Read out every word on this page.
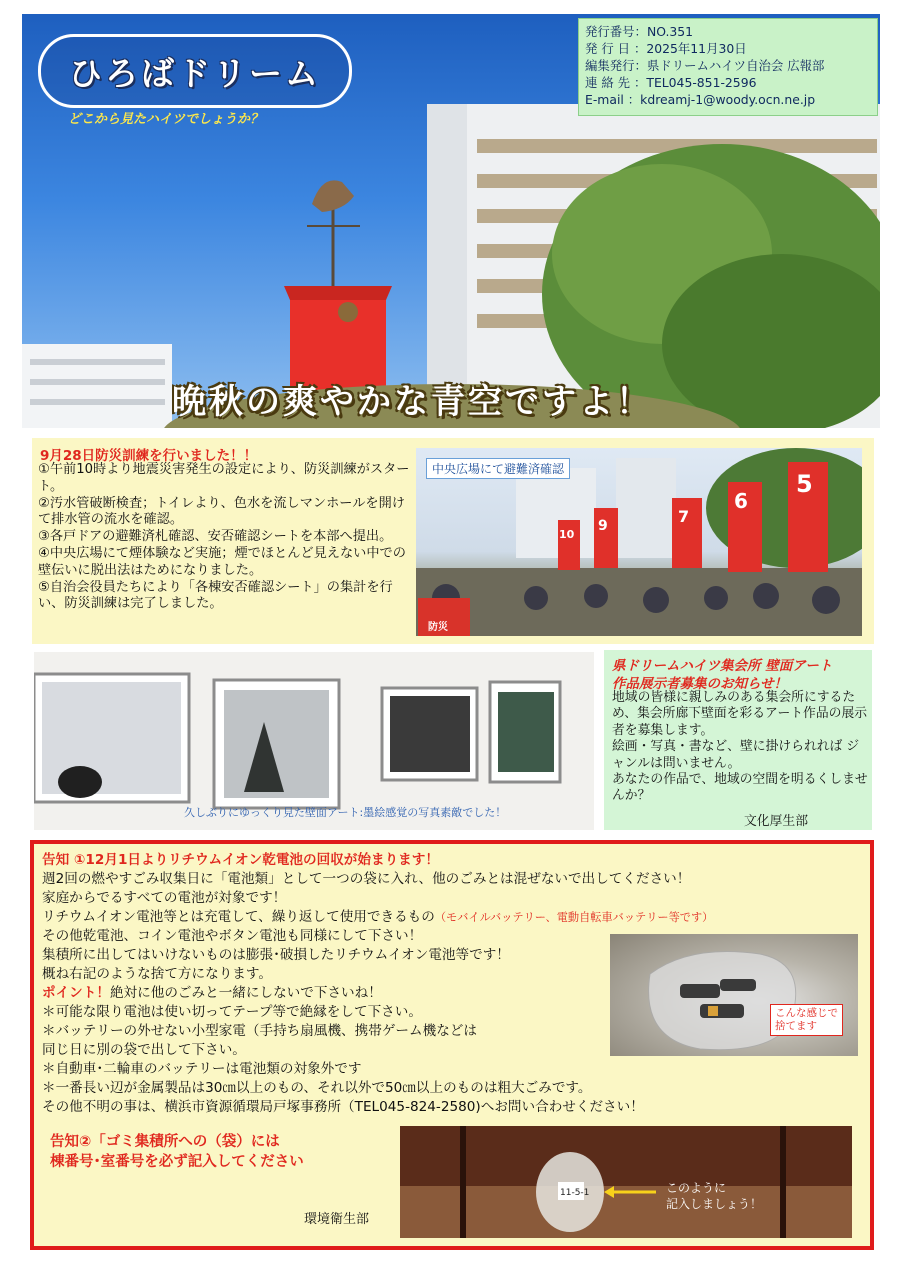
ひろばドリーム
どこから見たハイツでしょうか？
発行番号：NO.351
発 行 日 ：2025年11月30日
編集発行：県ドリームハイツ自治会 広報部
連 絡 先 ：TEL045-851-2596
E-mail ：kdreamj-1@woody.ocn.ne.jp
晩秋の爽やかな青空ですよ！
9月28日防災訓練を行いました！！
①午前10時より地震災害発生の設定により、防災訓練がスタート。
②汚水管破断検査；トイレより、色水を流しマンホールを開けて排水管の流水を確認。
③各戸ドアの避難済札確認、安否確認シートを本部へ提出。
④中央広場にて煙体験など実施；煙でほとんど見えない中での壁伝いに脱出法はためになりました。
⑤自治会役員たちにより「各棟安否確認シート」の集計を行い、防災訓練は完了しました。
5
6
7
9
10
防災
中央広場にて避難済確認
久しぶりにゆっくり見た壁面アート:墨絵感覚の写真素敵でした！
県ドリームハイツ集会所 壁面アート
作品展示者募集のお知らせ！
地域の皆様に親しみのある集会所にするため、集会所廊下壁面を彩るアート作品の展示者を募集します。
絵画・写真・書など、壁に掛けられれば ジャンルは問いません。
あなたの作品で、地域の空間を明るくしませんか？
文化厚生部
告知 ①12月1日よりリチウムイオン乾電池の回収が始まります！
週2回の燃やすごみ収集日に「電池類」として一つの袋に入れ、他のごみとは混ぜないで出してください！
家庭からでるすべての電池が対象です！
リチウムイオン電池等とは充電して、繰り返して使用できるもの（モバイルバッテリー、電動自転車バッテリー等です）
その他乾電池、コイン電池やボタン電池も同様にして下さい！
集積所に出してはいけないものは膨張･破損したリチウムイオン電池等です！
概ね右記のような捨て方になります。
ポイント！絶対に他のごみと一緒にしないで下さいね！
＊可能な限り電池は使い切ってテープ等で絶縁をして下さい。
＊バッテリーの外せない小型家電（手持ち扇風機、携帯ゲーム機などは
同じ日に別の袋で出して下さい。
＊自動車･二輪車のバッテリーは電池類の対象外です
＊一番長い辺が金属製品は30㎝以上のもの、それ以外で50㎝以上のものは粗大ごみです。
その他不明の事は、横浜市資源循環局戸塚事務所（TEL045-824-2580)へお問い合わせください！
こんな感じで
捨てます
告知②「ゴミ集積所への（袋）には
棟番号･室番号を必ず記入してください
環境衛生部
11-5-1	このように
記入しましょう！
